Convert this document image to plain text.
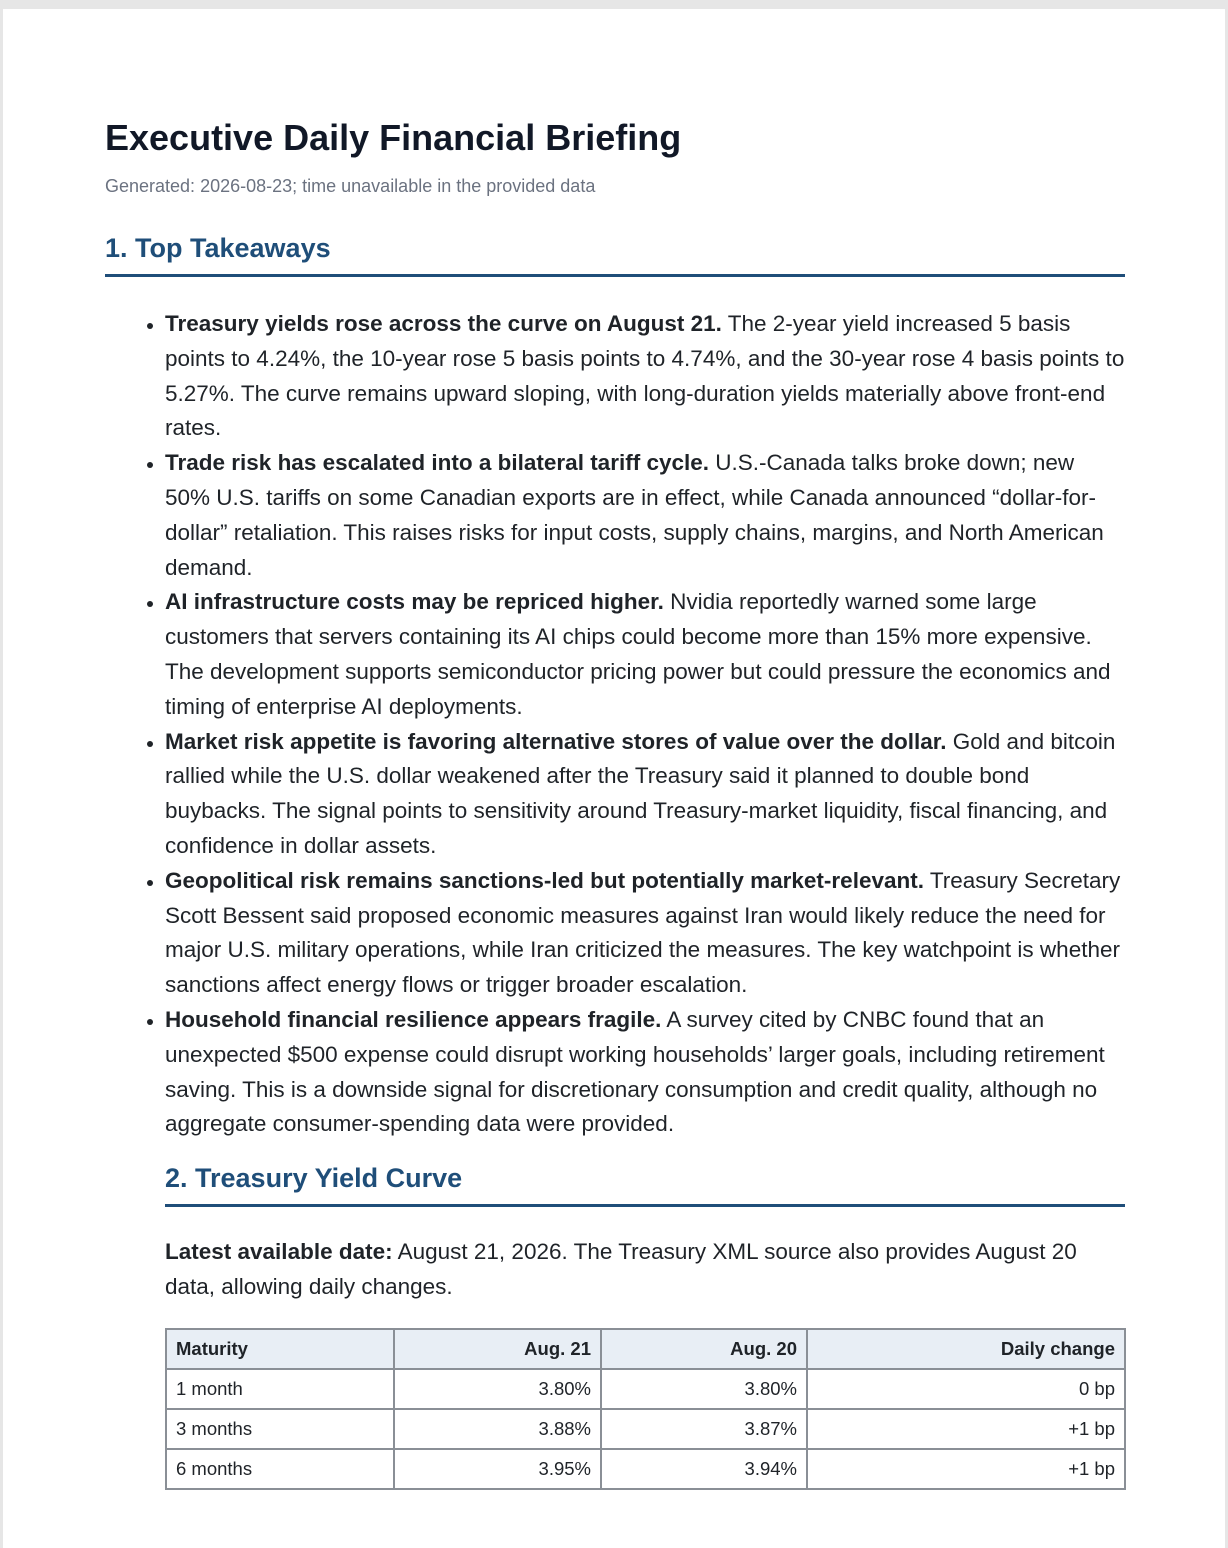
Executive Daily Financial Briefing

Generated: 2026-08-23; time unavailable in the provided data

1. Top Takeaways
• Treasury yields rose across the curve on August 21. The 2-year yield increased 5 basis points to 4.24%, the 10-year rose 5 basis points to 4.74%, and the 30-year rose 4 basis points to 5.27%. The curve remains upward sloping, with long-duration yields materially above front-end rates.
• Trade risk has escalated into a bilateral tariff cycle. U.S.-Canada talks broke down; new 50% U.S. tariffs on some Canadian exports are in effect, while Canada announced “dollar-for-dollar” retaliation. This raises risks for input costs, supply chains, margins, and North American demand.
• AI infrastructure costs may be repriced higher. Nvidia reportedly warned some large customers that servers containing its AI chips could become more than 15% more expensive. The development supports semiconductor pricing power but could pressure the economics and timing of enterprise AI deployments.
• Market risk appetite is favoring alternative stores of value over the dollar. Gold and bitcoin rallied while the U.S. dollar weakened after the Treasury said it planned to double bond buybacks. The signal points to sensitivity around Treasury-market liquidity, fiscal financing, and confidence in dollar assets.
• Geopolitical risk remains sanctions-led but potentially market-relevant. Treasury Secretary Scott Bessent said proposed economic measures against Iran would likely reduce the need for major U.S. military operations, while Iran criticized the measures. The key watchpoint is whether sanctions affect energy flows or trigger broader escalation.
• Household financial resilience appears fragile. A survey cited by CNBC found that an unexpected $500 expense could disrupt working households’ larger goals, including retirement saving. This is a downside signal for discretionary consumption and credit quality, although no aggregate consumer-spending data were provided.
2. Treasury Yield Curve

Latest available date: August 21, 2026. The Treasury XML source also provides August 20 data, allowing daily changes.

Maturity	Aug. 21	Aug. 20	Daily change
1 month	3.80%	3.80%	0 bp
3 months	3.88%	3.87%	+1 bp
6 months	3.95%	3.94%	+1 bp
